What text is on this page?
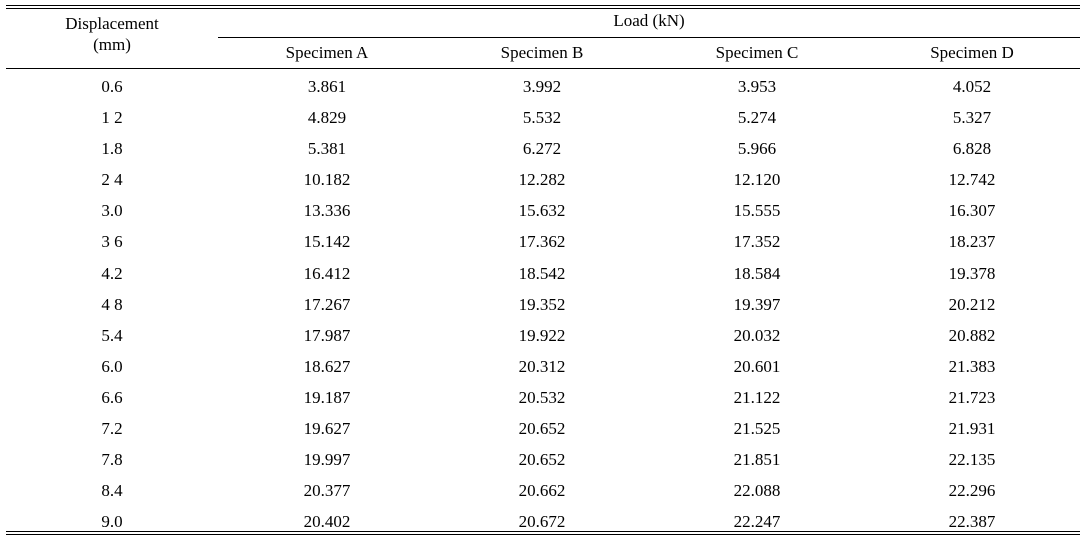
Displacement
(mm)
Load (kN)
Specimen A	Specimen B	Specimen C	Specimen D
0.6	3.861	3.992	3.953	4.052
1 2	4.829	5.532	5.274	5.327
1.8	5.381	6.272	5.966	6.828
2 4	10.182	12.282	12.120	12.742
3.0	13.336	15.632	15.555	16.307
3 6	15.142	17.362	17.352	18.237
4.2	16.412	18.542	18.584	19.378
4 8	17.267	19.352	19.397	20.212
5.4	17.987	19.922	20.032	20.882
6.0	18.627	20.312	20.601	21.383
6.6	19.187	20.532	21.122	21.723
7.2	19.627	20.652	21.525	21.931
7.8	19.997	20.652	21.851	22.135
8.4	20.377	20.662	22.088	22.296
9.0	20.402	20.672	22.247	22.387
